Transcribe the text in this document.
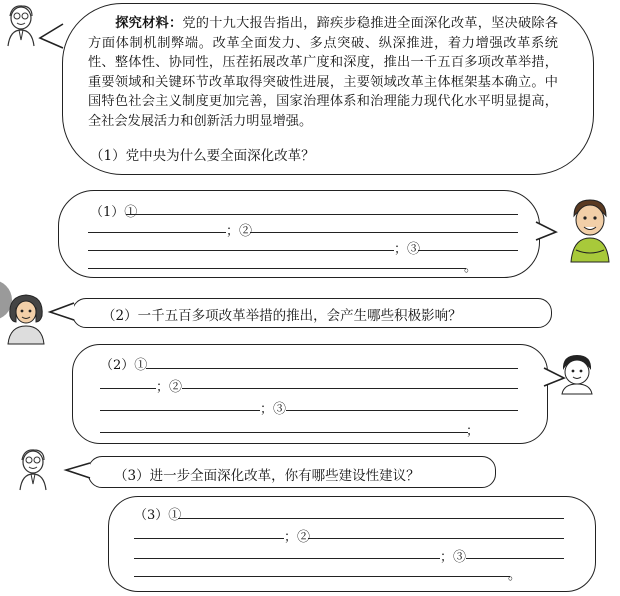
探究材料：党的十九大报告指出，蹄疾步稳推进全面深化改革，坚决破除各方面体制机制弊端。改革全面发力、多点突破、纵深推进，着力增强改革系统性、整体性、协同性，压茬拓展改革广度和深度，推出一千五百多项改革举措，重要领域和关键环节改革取得突破性进展，主要领域改革主体框架基本确立。中国特色社会主义制度更加完善，国家治理体系和治理能力现代化水平明显提高，全社会发展活力和创新活力明显增强。
（1）党中央为什么要全面深化改革？
（1）①
；②
；③
。
（2）一千五百多项改革举措的推出，会产生哪些积极影响？
（2）①
；②
；③
；
（3）进一步全面深化改革，你有哪些建设性建议？
（3）①
；②
；③
。
